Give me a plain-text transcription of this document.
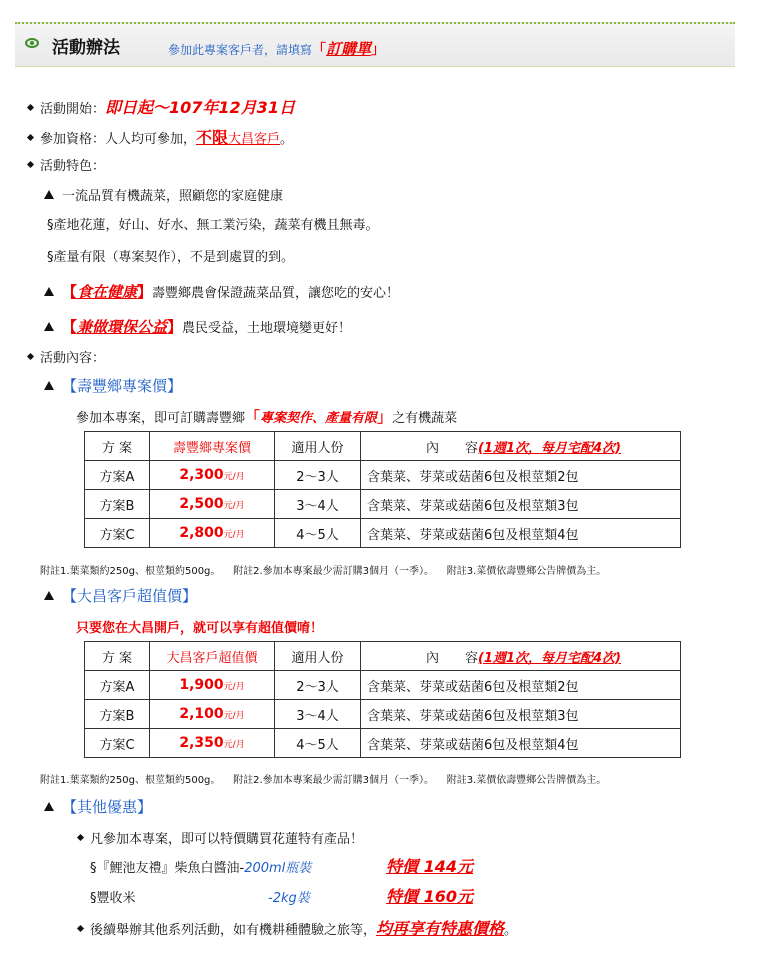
活動辦法	參加此專案客戶者，請填寫「訂購單」
活動開始：即日起～107年12月31日
參加資格：人人均可參加，不限大昌客戶。
活動特色：
一流品質有機蔬菜，照顧您的家庭健康
§產地花蓮，好山、好水、無工業污染，蔬菜有機且無毒。
§產量有限（專案契作），不是到處買的到。
【食在健康】壽豐鄉農會保證蔬菜品質，讓您吃的安心！
【兼做環保公益】農民受益，土地環境變更好！
活動內容：
【壽豐鄉專案價】
參加本專案，即可訂購壽豐鄉「專案契作、產量有限」之有機蔬菜
方 案	壽豐鄉專案價	適用人份	內　　容(1週1次，每月宅配4次)
方案A	2,300元/月	2～3人	含葉菜、芽菜或菇菌6包及根莖類2包
方案B	2,500元/月	3～4人	含葉菜、芽菜或菇菌6包及根莖類3包
方案C	2,800元/月	4～5人	含葉菜、芽菜或菇菌6包及根莖類4包
附註1.葉菜類約250g、根莖類約500g。 附註2.參加本專案最少需訂購3個月（一季）。 附註3.菜價依壽豐鄉公告牌價為主。
【大昌客戶超值價】
只要您在大昌開戶，就可以享有超值價唷！
方 案	大昌客戶超值價	適用人份	內　　容(1週1次，每月宅配4次)
方案A	1,900元/月	2～3人	含葉菜、芽菜或菇菌6包及根莖類2包
方案B	2,100元/月	3～4人	含葉菜、芽菜或菇菌6包及根莖類3包
方案C	2,350元/月	4～5人	含葉菜、芽菜或菇菌6包及根莖類4包
附註1.葉菜類約250g、根莖類約500g。 附註2.參加本專案最少需訂購3個月（一季）。 附註3.菜價依壽豐鄉公告牌價為主。
【其他優惠】
凡參加本專案，即可以特價購買花蓮特有產品！
§『鯉池友禮』柴魚白醬油-200ml瓶裝	特價 144元
§豐收米	-2kg裝	特價 160元
後續舉辦其他系列活動，如有機耕種體驗之旅等，均再享有特惠價格。
